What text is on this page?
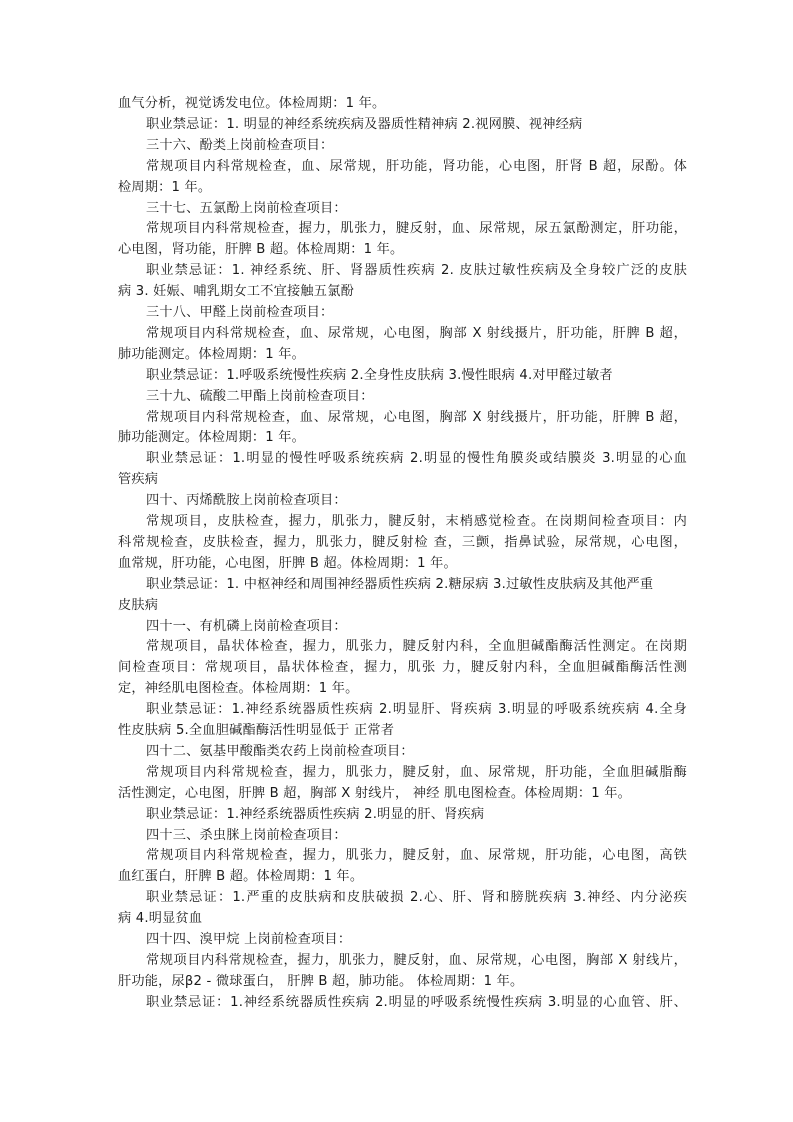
血气分析，视觉诱发电位。体检周期：1 年。
职业禁忌证：1. 明显的神经系统疾病及器质性精神病 2.视网膜、视神经病
三十六、酚类上岗前检查项目：
常规项目内科常规检查，血、尿常规，肝功能，肾功能，心电图，肝肾 B 超，尿酚。体
检周期：1 年。
三十七、五氯酚上岗前检查项目：
常规项目内科常规检查，握力，肌张力，腱反射，血、尿常规，尿五氯酚测定，肝功能，
心电图，肾功能，肝脾 B 超。体检周期：1 年。
职业禁忌证：1. 神经系统、肝、肾器质性疾病 2. 皮肤过敏性疾病及全身较广泛的皮肤
病 3. 妊娠、哺乳期女工不宜接触五氯酚
三十八、甲醛上岗前检查项目：
常规项目内科常规检查，血、尿常规，心电图，胸部 X 射线摄片，肝功能，肝脾 B 超，
肺功能测定。体检周期：1 年。
职业禁忌证：1.呼吸系统慢性疾病 2.全身性皮肤病 3.慢性眼病 4.对甲醛过敏者
三十九、硫酸二甲酯上岗前检查项目：
常规项目内科常规检查，血、尿常规，心电图，胸部 X 射线摄片，肝功能，肝脾 B 超，
肺功能测定。体检周期：1 年。
职业禁忌证：1.明显的慢性呼吸系统疾病 2.明显的慢性角膜炎或结膜炎 3.明显的心血
管疾病
四十、丙烯酰胺上岗前检查项目：
常规项目，皮肤检查，握力，肌张力，腱反射，末梢感觉检查。在岗期间检查项目：内
科常规检查，皮肤检查，握力，肌张力，腱反射检 查，三颤，指鼻试验，尿常规，心电图，
血常规，肝功能，心电图，肝脾 B 超。体检周期：1 年。
职业禁忌证：1. 中枢神经和周围神经器质性疾病 2.糖尿病 3.过敏性皮肤病及其他严重
皮肤病
四十一、有机磷上岗前检查项目：
常规项目，晶状体检查，握力，肌张力，腱反射内科，全血胆碱酯酶活性测定。在岗期
间检查项目：常规项目，晶状体检查，握力，肌张 力，腱反射内科，全血胆碱酯酶活性测
定，神经肌电图检查。体检周期：1 年。
职业禁忌证：1.神经系统器质性疾病 2.明显肝、肾疾病 3.明显的呼吸系统疾病 4.全身
性皮肤病 5.全血胆碱酯酶活性明显低于 正常者
四十二、氨基甲酸酯类农药上岗前检查项目：
常规项目内科常规检查，握力，肌张力，腱反射，血、尿常规，肝功能，全血胆碱脂酶
活性测定，心电图，肝脾 B 超，胸部 X 射线片， 神经 肌电图检查。体检周期：1 年。
职业禁忌证：1.神经系统器质性疾病 2.明显的肝、肾疾病
四十三、杀虫脒上岗前检查项目：
常规项目内科常规检查，握力，肌张力，腱反射，血、尿常规，肝功能，心电图，高铁
血红蛋白，肝脾 B 超。体检周期：1 年。
职业禁忌证：1.严重的皮肤病和皮肤破损 2.心、肝、肾和膀胱疾病 3.神经、内分泌疾
病 4.明显贫血
四十四、溴甲烷 上岗前检查项目：
常规项目内科常规检查，握力，肌张力，腱反射，血、尿常规，心电图，胸部 X 射线片，
肝功能，尿β2 - 微球蛋白， 肝脾 B 超，肺功能。 体检周期：1 年。
职业禁忌证：1.神经系统器质性疾病 2.明显的呼吸系统慢性疾病 3.明显的心血管、肝、
